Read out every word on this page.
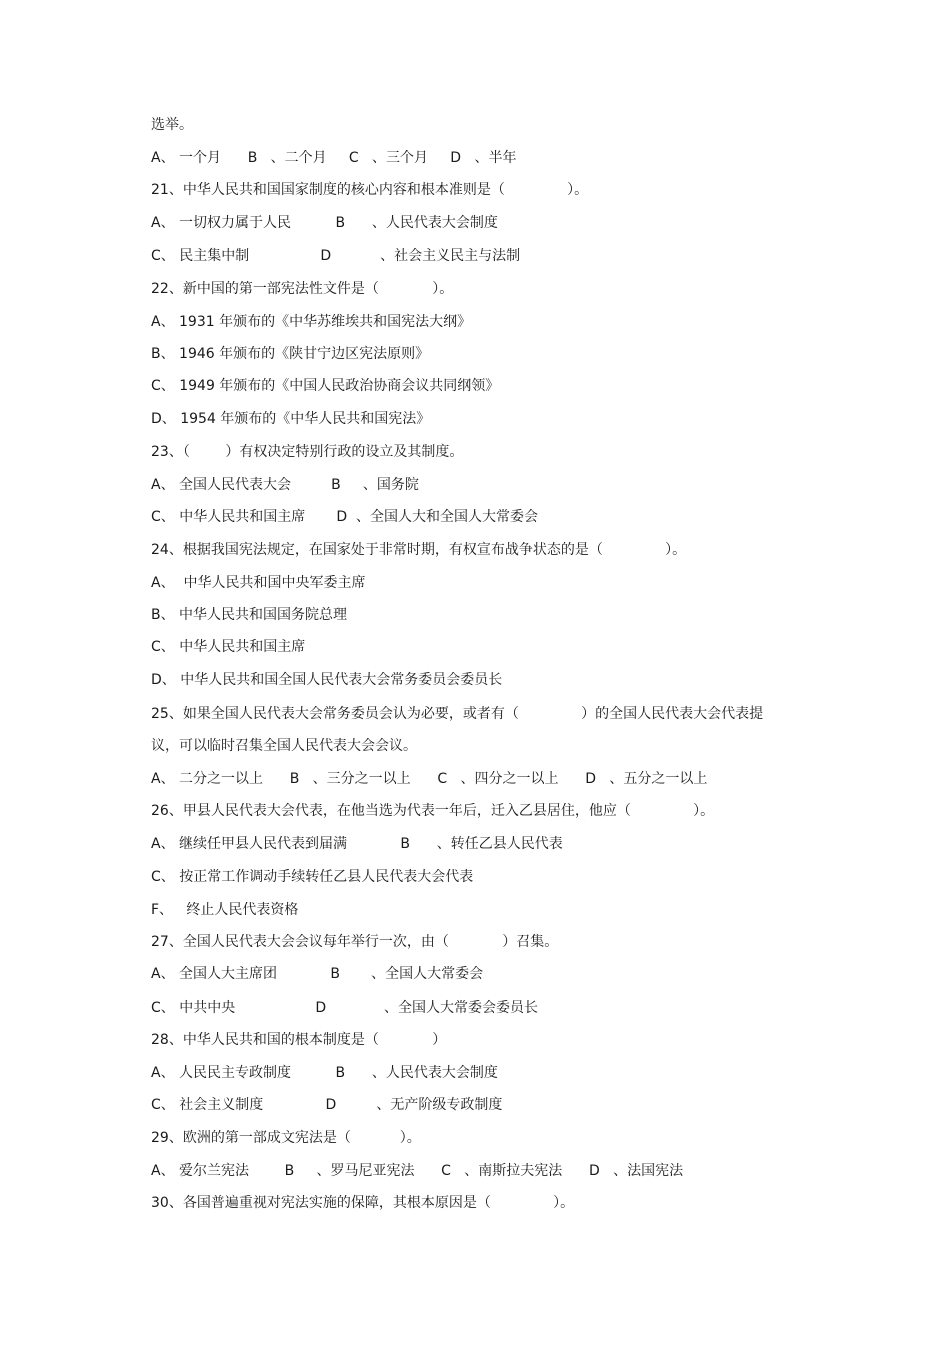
选举。
A、 一个月      B   、二个月     C   、三个月     D   、半年
21、中华人民共和国国家制度的核心内容和根本准则是（              ）。
A、 一切权力属于人民          B      、人民代表大会制度
C、 民主集中制                D           、社会主义民主与法制
22、新中国的第一部宪法性文件是（            ）。
A、 1931 年颁布的《中华苏维埃共和国宪法大纲》
B、 1946 年颁布的《陕甘宁边区宪法原则》
C、 1949 年颁布的《中国人民政治协商会议共同纲领》
D、 1954 年颁布的《中华人民共和国宪法》
23、（        ）有权决定特别行政的设立及其制度。
A、 全国人民代表大会         B     、国务院
C、 中华人民共和国主席       D  、全国人大和全国人大常委会
24、根据我国宪法规定，在国家处于非常时期，有权宣布战争状态的是（              ）。
A、  中华人民共和国中央军委主席
B、 中华人民共和国国务院总理
C、 中华人民共和国主席
D、 中华人民共和国全国人民代表大会常务委员会委员长
25、如果全国人民代表大会常务委员会认为必要，或者有（              ）的全国人民代表大会代表提
议，可以临时召集全国人民代表大会会议。
A、 二分之一以上      B   、三分之一以上      C   、四分之一以上      D   、五分之一以上
26、甲县人民代表大会代表，在他当选为代表一年后，迁入乙县居住，他应（              ）。
A、 继续任甲县人民代表到届满            B      、转任乙县人民代表
C、 按正常工作调动手续转任乙县人民代表大会代表
F、   终止人民代表资格
27、全国人民代表大会会议每年举行一次，由（            ）召集。
A、 全国人大主席团            B       、全国人大常委会
C、 中共中央                  D             、全国人大常委会委员长
28、中华人民共和国的根本制度是（            ）
A、 人民民主专政制度          B      、人民代表大会制度
C、 社会主义制度              D         、无产阶级专政制度
29、欧洲的第一部成文宪法是（           ）。
A、 爱尔兰宪法        B     、罗马尼亚宪法      C   、南斯拉夫宪法      D   、法国宪法
30、各国普遍重视对宪法实施的保障，其根本原因是（              ）。
